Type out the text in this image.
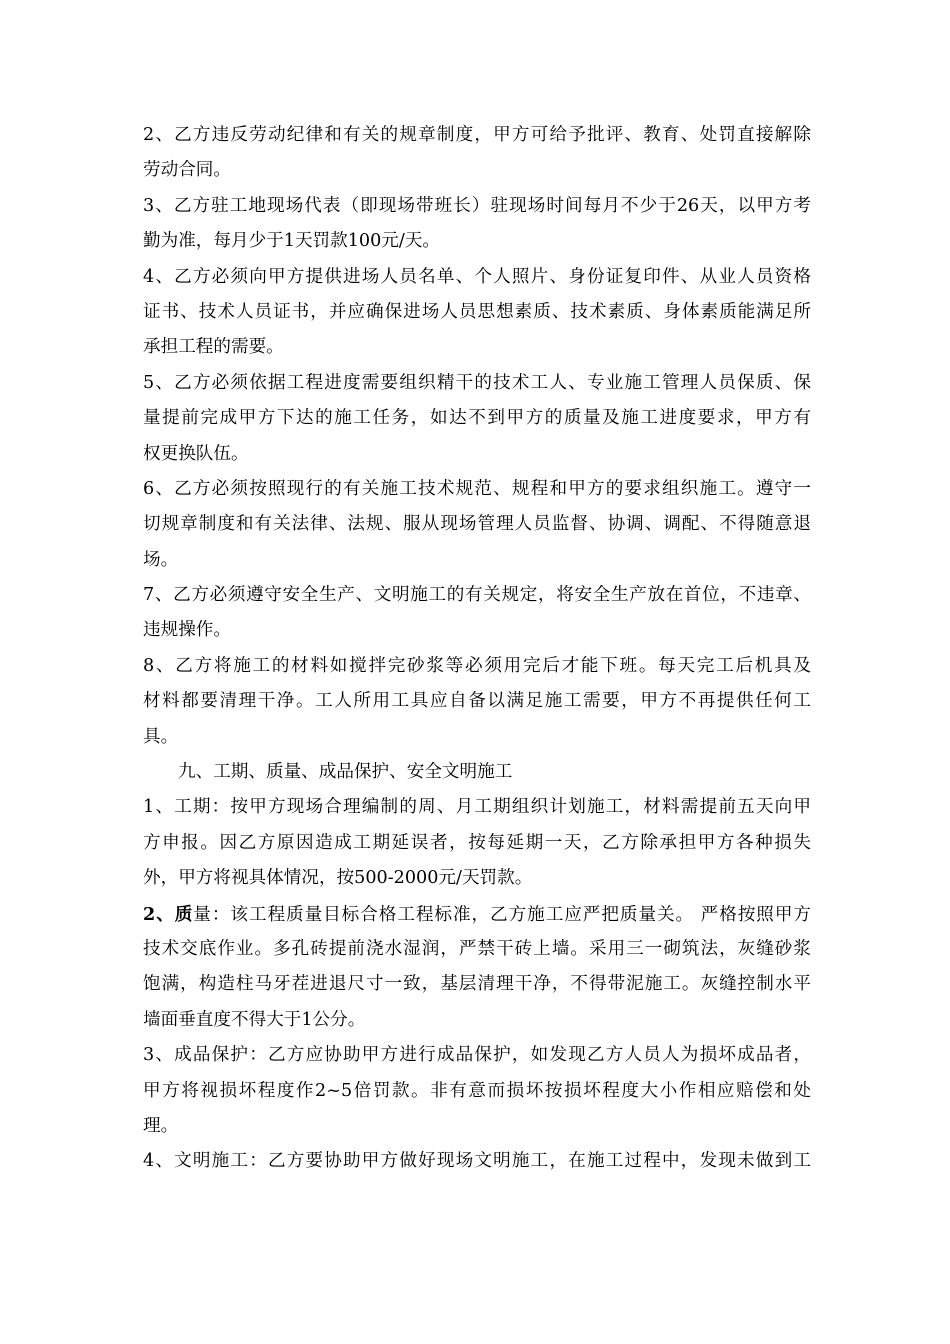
2、乙方违反劳动纪律和有关的规章制度，甲方可给予批评、教育、处罚直接解除
劳动合同。
3、乙方驻工地现场代表（即现场带班长）驻现场时间每月不少于26天，以甲方考
勤为准，每月少于1天罚款100元/天。
4、乙方必须向甲方提供进场人员名单、个人照片、身份证复印件、从业人员资格
证书、技术人员证书，并应确保进场人员思想素质、技术素质、身体素质能满足所
承担工程的需要。
5、乙方必须依据工程进度需要组织精干的技术工人、专业施工管理人员保质、保
量提前完成甲方下达的施工任务，如达不到甲方的质量及施工进度要求，甲方有
权更换队伍。
6、乙方必须按照现行的有关施工技术规范、规程和甲方的要求组织施工。遵守一
切规章制度和有关法律、法规、服从现场管理人员监督、协调、调配、不得随意退
场。
7、乙方必须遵守安全生产、文明施工的有关规定，将安全生产放在首位，不违章、
违规操作。
8、乙方将施工的材料如搅拌完砂浆等必须用完后才能下班。每天完工后机具及
材料都要清理干净。工人所用工具应自备以满足施工需要，甲方不再提供任何工
具。
九、工期、质量、成品保护、安全文明施工
1、工期：按甲方现场合理编制的周、月工期组织计划施工，材料需提前五天向甲
方申报。因乙方原因造成工期延误者，按每延期一天，乙方除承担甲方各种损失
外，甲方将视具体情况，按500-2000元/天罚款。
2、质量：该工程质量目标合格工程标准，乙方施工应严把质量关。 严格按照甲方
技术交底作业。多孔砖提前浇水湿润，严禁干砖上墙。采用三一砌筑法，灰缝砂浆
饱满，构造柱马牙茬进退尺寸一致，基层清理干净，不得带泥施工。灰缝控制水平
墙面垂直度不得大于1公分。
3、成品保护：乙方应协助甲方进行成品保护，如发现乙方人员人为损坏成品者，
甲方将视损坏程度作2~5倍罚款。非有意而损坏按损坏程度大小作相应赔偿和处
理。
4、文明施工：乙方要协助甲方做好现场文明施工，在施工过程中，发现未做到工
